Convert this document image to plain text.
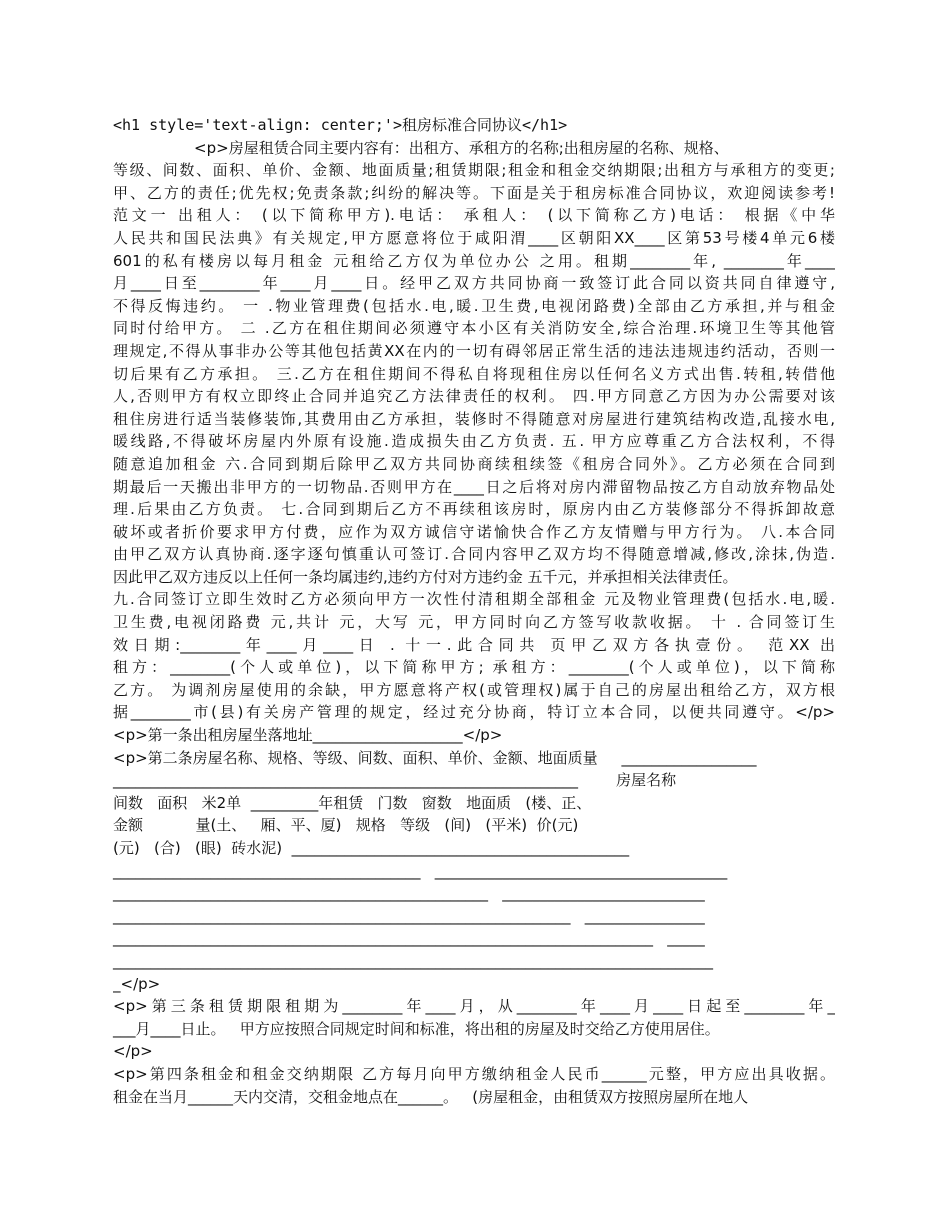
<h1 style='text-align: center;'>租房标准合同协议</h1>
<p>房屋租赁合同主要内容有：出租方、承租方的名称;出租房屋的名称、规格、
等级、间数、面积、单价、金额、地面质量;租赁期限;租金和租金交纳期限;出租方与承租方的变更;
甲、乙方的责任;优先权;免责条款;纠纷的解决等。下面是关于租房标准合同协议，欢迎阅读参考!
范文一 出租人： (以下简称甲方).电话： 承租人： (以下简称乙方)电话： 根据《中华
人民共和国民法典》有关规定,甲方愿意将位于咸阳渭____区朝阳XX____区第53号楼4单元6楼
601的私有楼房以每月租金 元租给乙方仅为单位办公 之用。租期________年, ________年____
月____日至________年____月____日。经甲乙双方共同协商一致签订此合同以资共同自律遵守,
不得反悔违约。 一 .物业管理费(包括水.电,暖.卫生费,电视闭路费)全部由乙方承担,并与租金
同时付给甲方。 二 .乙方在租住期间必须遵守本小区有关消防安全,综合治理.环境卫生等其他管
理规定,不得从事非办公等其他包括黄XX在内的一切有碍邻居正常生活的违法违规违约活动，否则一
切后果有乙方承担。 三.乙方在租住期间不得私自将现租住房以任何名义方式出售.转租,转借他
人,否则甲方有权立即终止合同并追究乙方法律责任的权利。 四.甲方同意乙方因为办公需要对该
租住房进行适当装修装饰,其费用由乙方承担，装修时不得随意对房屋进行建筑结构改造,乱接水电,
暖线路,不得破坏房屋内外原有设施.造成损失由乙方负责. 五. 甲方应尊重乙方合法权利，不得
随意追加租金 六.合同到期后除甲乙双方共同协商续租续签《租房合同外》。乙方必须在合同到
期最后一天搬出非甲方的一切物品.否则甲方在____日之后将对房内滞留物品按乙方自动放弃物品处
理.后果由乙方负责。 七.合同到期后乙方不再续租该房时，原房内由乙方装修部分不得拆卸故意
破坏或者折价要求甲方付费，应作为双方诚信守诺愉快合作乙方友情赠与甲方行为。 八.本合同
由甲乙双方认真协商.逐字逐句慎重认可签订.合同内容甲乙双方均不得随意增减,修改,涂抹,伪造.
因此甲乙双方违反以上任何一条均属违约,违约方付对方违约金 五千元，并承担相关法律责任。
九.合同签订立即生效时乙方必须向甲方一次性付清租期全部租金 元及物业管理费(包括水.电,暖.
卫生费,电视闭路费 元,共计 元，大写 元，甲方同时向乙方签写收款收据。 十 . 合同签订生
效日期:________年____月____日 . 十一.此合同共 页甲乙双方各执壹份。 范XX 出
租方：________(个人或单位)，以下简称甲方; 承租方：________(个人或单位)，以下简称
乙方。 为调剂房屋使用的余缺，甲方愿意将产权(或管理权)属于自己的房屋出租给乙方，双方根
据________市(县)有关房产管理的规定，经过充分协商，特订立本合同，以便共同遵守。</p>
<p>第一条出租房屋坐落地址____________________</p>
<p>第二条房屋名称、规格、等级、间数、面积、单价、金额、地面质量     __________________
______________________________________________________________        房屋名称
间数   面积   米2单  _________年租赁   门数   窗数   地面质   (楼、正、
金额           量(土、   厢、平、厦)   规格   等级   (间)   (平米)  价(元)
(元)   (合)   (眼)  砖水泥)  _____________________________________________
_________________________________________   _______________________________________
__________________________________________________   ___________________________
_____________________________________________________________   ________________
________________________________________________________________________   _____
________________________________________________________________________________
_</p>
<p>第三条租赁期限租期为________年____月，从________年____月____日起至________年_
___月____日止。   甲方应按照合同规定时间和标准，将出租的房屋及时交给乙方使用居住。
</p>
<p>第四条租金和租金交纳期限 乙方每月向甲方缴纳租金人民币______元整，甲方应出具收据。
租金在当月______天内交清，交租金地点在______。   (房屋租金，由租赁双方按照房屋所在地人
